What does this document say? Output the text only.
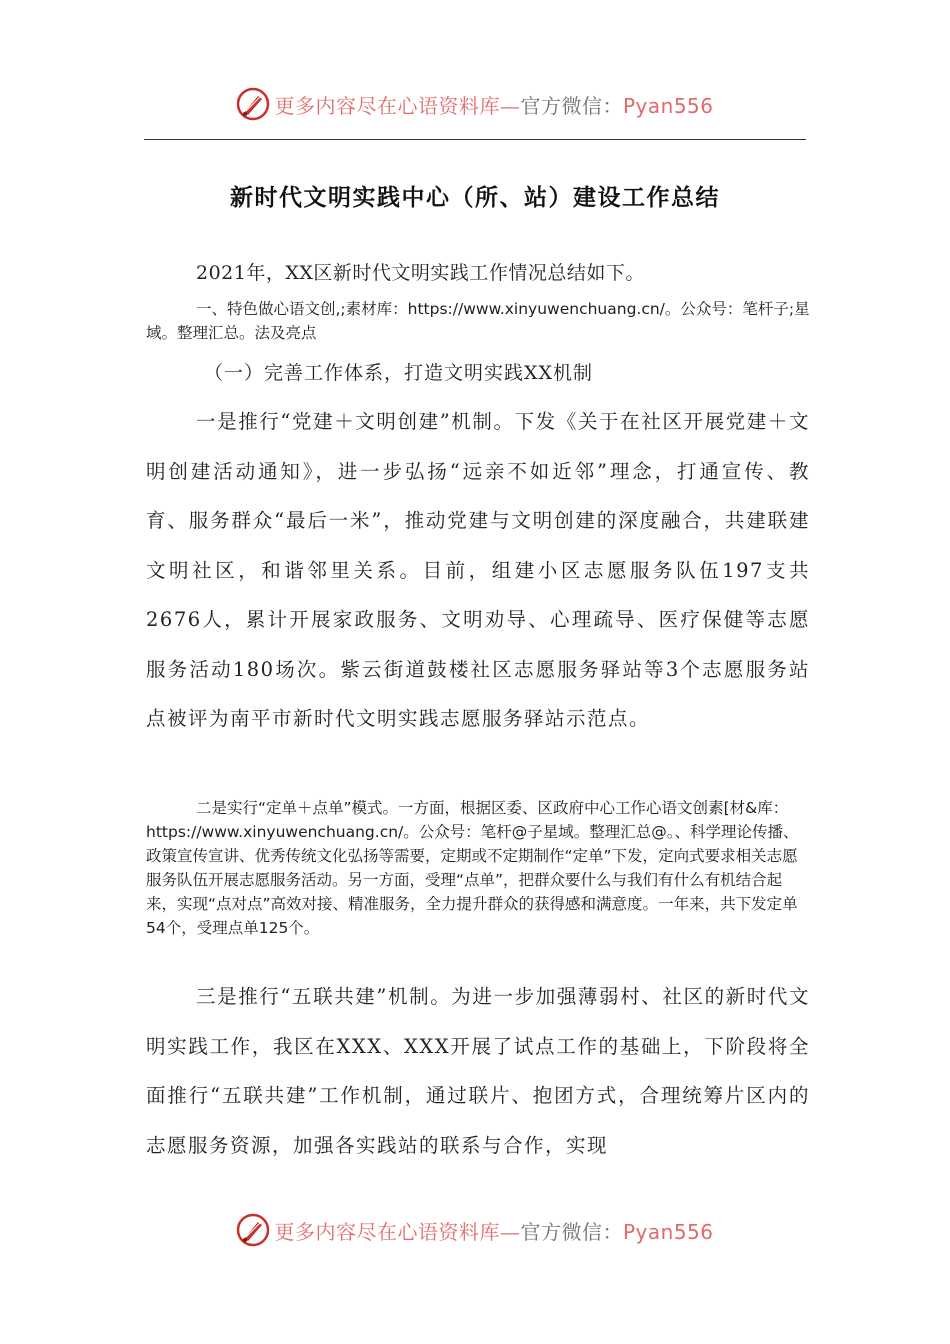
更多内容尽在心语资料库—官方微信：Pyan556
新时代文明实践中心（所、站）建设工作总结

2021年，XX区新时代文明实践工作情况总结如下。

一、特色做心语文创,;素材库：https://www.xinyuwenchuang.cn/。公众号：笔杆子;星域。整理汇总。法及亮点

（一）完善工作体系，打造文明实践XX机制

一是推行“党建＋文明创建”机制。下发《关于在社区开展党建＋文明创建活动通知》，进一步弘扬“远亲不如近邻”理念，打通宣传、教育、服务群众“最后一米”，推动党建与文明创建的深度融合，共建联建文明社区，和谐邻里关系。目前，组建小区志愿服务队伍197支共2676人，累计开展家政服务、文明劝导、心理疏导、医疗保健等志愿服务活动180场次。紫云街道鼓楼社区志愿服务驿站等3个志愿服务站点被评为南平市新时代文明实践志愿服务驿站示范点。

二是实行“定单＋点单”模式。一方面，根据区委、区政府中心工作心语文创素[材&库：https://www.xinyuwenchuang.cn/。公众号：笔杆@子星域。整理汇总@。、科学理论传播、政策宣传宣讲、优秀传统文化弘扬等需要，定期或不定期制作“定单”下发，定向式要求相关志愿服务队伍开展志愿服务活动。另一方面，受理“点单”，把群众要什么与我们有什么有机结合起来，实现“点对点”高效对接、精准服务，全力提升群众的获得感和满意度。一年来，共下发定单54个，受理点单125个。

三是推行“五联共建”机制。为进一步加强薄弱村、社区的新时代文明实践工作，我区在XXX、XXX开展了试点工作的基础上，下阶段将全面推行“五联共建”工作机制，通过联片、抱团方式，合理统筹片区内的志愿服务资源，加强各实践站的联系与合作，实现

更多内容尽在心语资料库—官方微信：Pyan556
